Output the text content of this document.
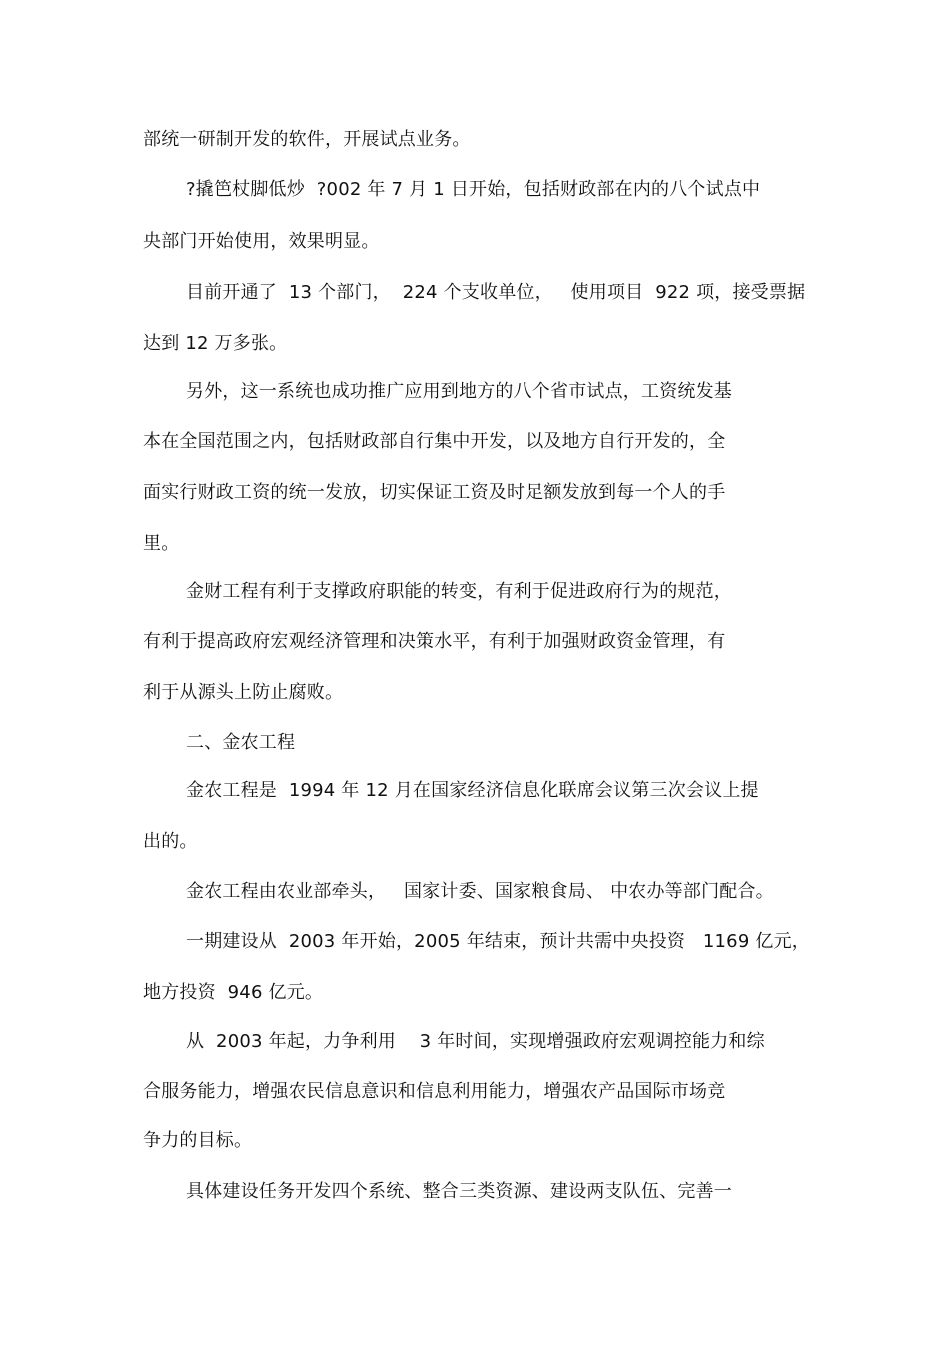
部统一研制开发的软件，开展试点业务。
?撬笆杖脚低炒  ?002 年 7 月 1 日开始，包括财政部在内的八个试点中
央部门开始使用，效果明显。
目前开通了  13 个部门，  224 个支收单位，   使用项目  922 项，接受票据
达到 12 万多张。
另外，这一系统也成功推广应用到地方的八个省市试点，工资统发基
本在全国范围之内，包括财政部自行集中开发，以及地方自行开发的，全
面实行财政工资的统一发放，切实保证工资及时足额发放到每一个人的手
里。
金财工程有利于支撑政府职能的转变，有利于促进政府行为的规范，
有利于提高政府宏观经济管理和决策水平，有利于加强财政资金管理，有
利于从源头上防止腐败。
二、金农工程
金农工程是  1994 年 12 月在国家经济信息化联席会议第三次会议上提
出的。
金农工程由农业部牵头，   国家计委、国家粮食局、 中农办等部门配合。
一期建设从  2003 年开始，2005 年结束，预计共需中央投资   1169 亿元，
地方投资  946 亿元。
从  2003 年起，力争利用    3 年时间，实现增强政府宏观调控能力和综
合服务能力，增强农民信息意识和信息利用能力，增强农产品国际市场竞
争力的目标。
具体建设任务开发四个系统、整合三类资源、建设两支队伍、完善一
